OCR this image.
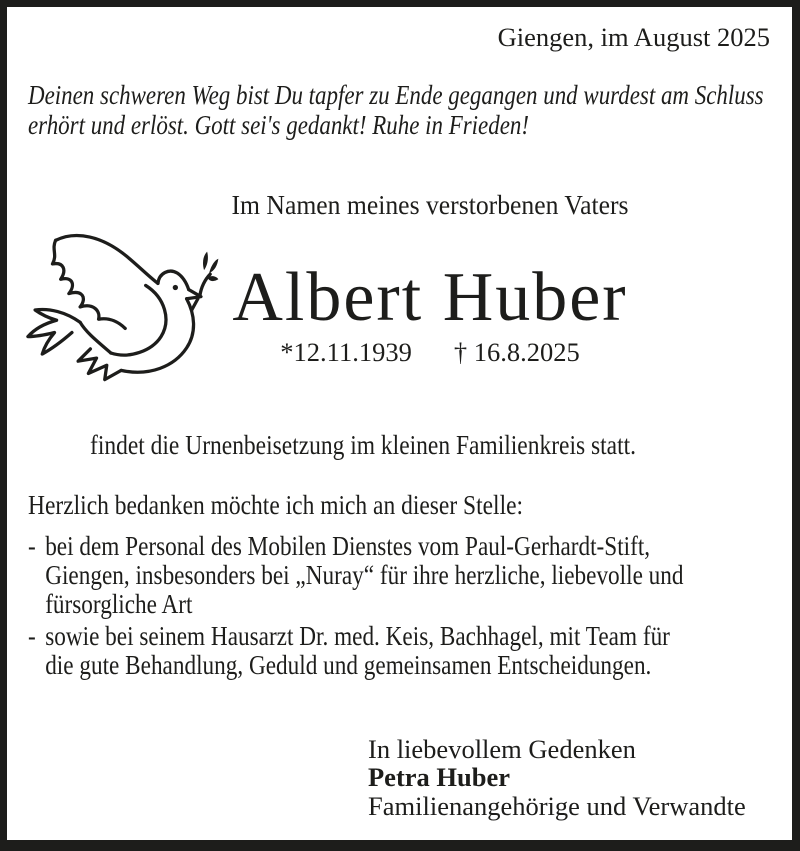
Giengen, im August 2025
Deinen schweren Weg bist Du tapfer zu Ende gegangen und wurdest am Schluss
erhört und erlöst. Gott sei's gedankt! Ruhe in Frieden!
Im Namen meines verstorbenen Vaters
Albert Huber
*12.11.1939 † 16.8.2025
findet die Urnenbeisetzung im kleinen Familienkreis statt.
Herzlich bedanken möchte ich mich an dieser Stelle:
- bei dem Personal des Mobilen Dienstes vom Paul-Gerhardt-Stift,
Giengen, insbesonders bei „Nuray“ für ihre herzliche, liebevolle und
fürsorgliche Art
- sowie bei seinem Hausarzt Dr. med. Keis, Bachhagel, mit Team für
die gute Behandlung, Geduld und gemeinsamen Entscheidungen.
In liebevollem Gedenken
Petra Huber
Familienangehörige und Verwandte
